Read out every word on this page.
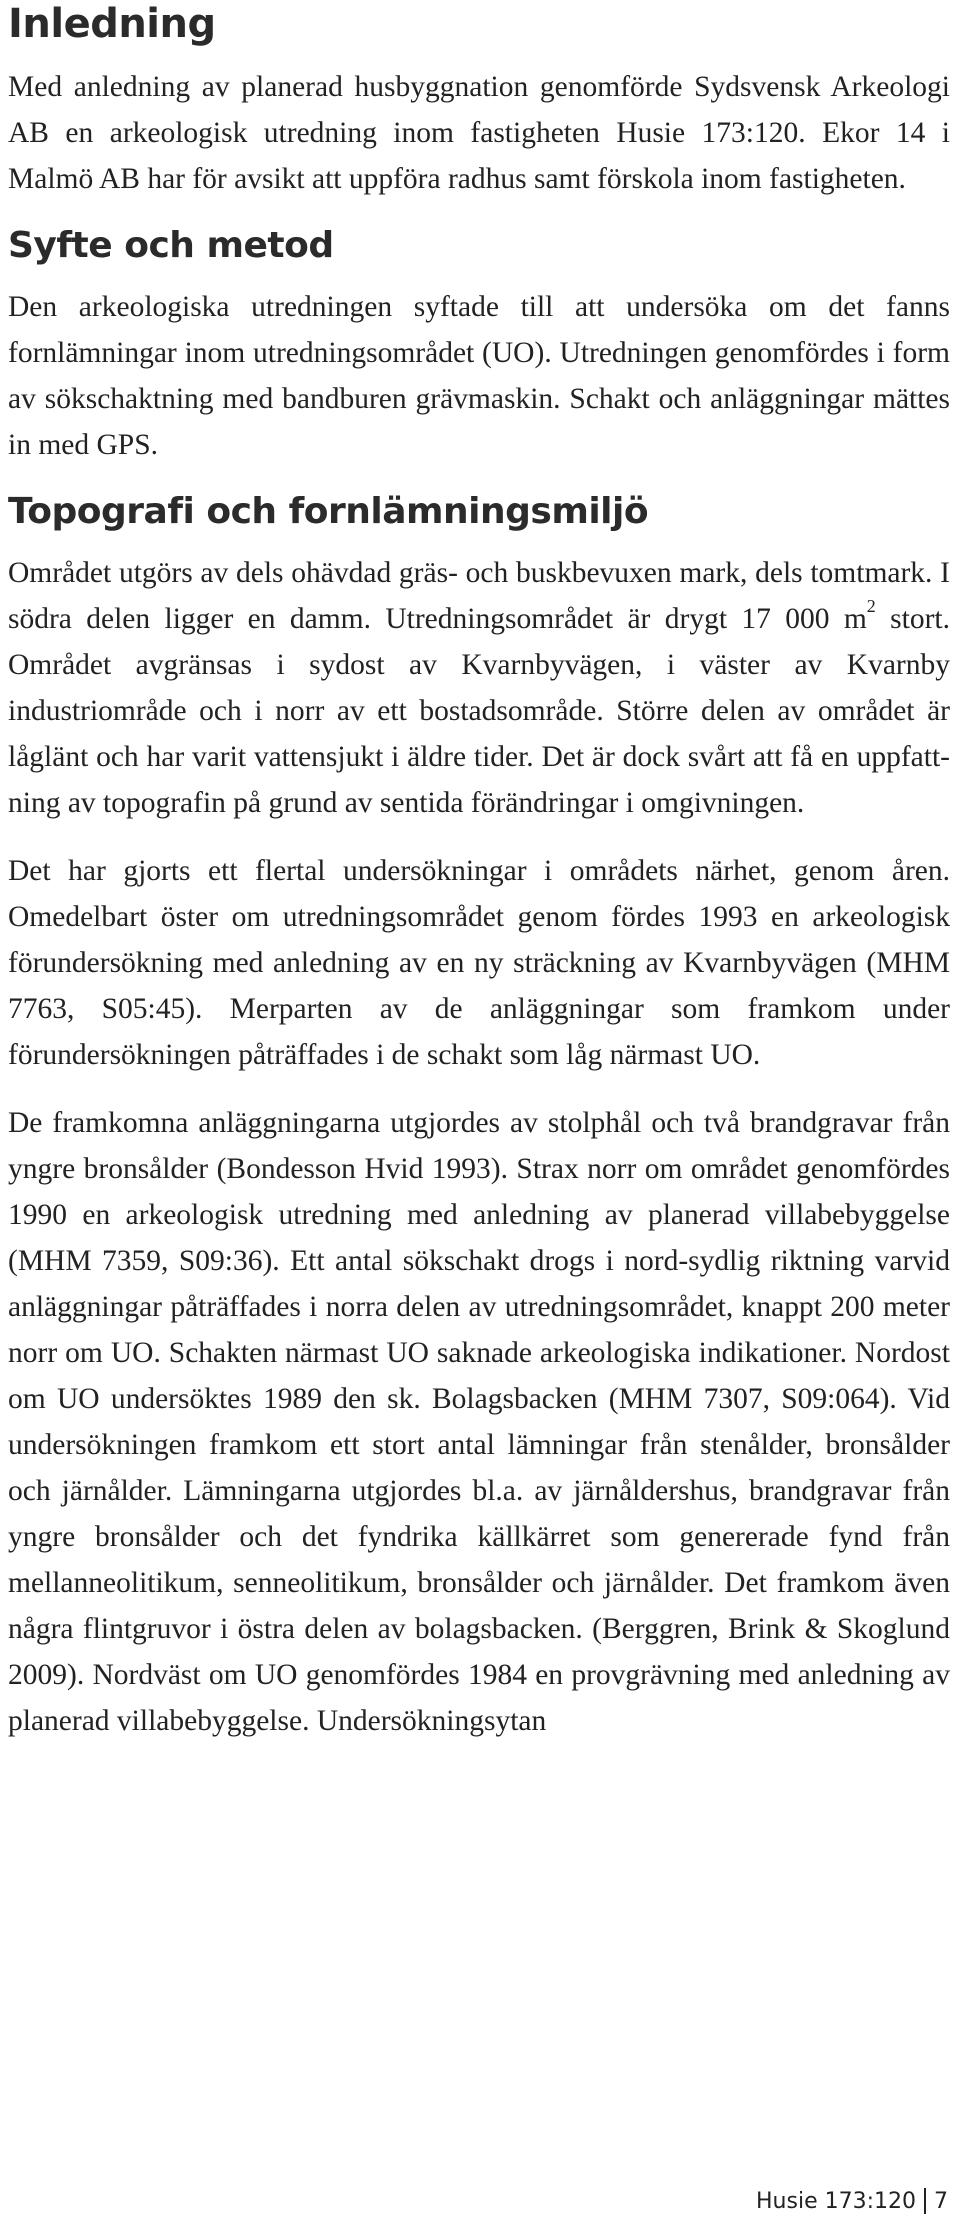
Inledning

Med anledning av planerad husbyggnation genomförde Sydsvensk Arkeologi AB en arkeologisk utredning inom fastigheten Husie 173:120. Ekor 14 i Malmö AB har för avsikt att uppföra radhus samt förskola inom fastigheten.

Syfte och metod

Den arkeologiska utredningen syftade till att undersöka om det fanns fornlämningar inom utredningsområdet (UO). Utredningen genomfördes i form av sökschaktning med bandburen grävmaskin. Schakt och anläggningar mättes in med GPS.

Topografi och fornlämningsmiljö

Området utgörs av dels ohävdad gräs- och buskbevuxen mark, dels tomtmark. I södra delen ligger en damm. Utredningsområdet är drygt 17 000 $m^2$ stort. Området avgränsas i sydost av Kvarnbyvägen, i väster av Kvarnby industriområde och i norr av ett bostadsområde. Större delen av området är låglänt och har varit vattensjukt i äldre tider. Det är dock svårt att få en uppfattning av topografin på grund av sentida förändringar i omgivningen.

Det har gjorts ett flertal undersökningar i områdets närhet, genom åren. Omedelbart öster om utredningsområdet genom fördes 1993 en arkeologisk förundersökning med anledning av en ny sträckning av Kvarnbyvägen (MHM 7763, S05:45). Merparten av de anläggningar som framkom under förundersökningen påträffades i de schakt som låg närmast UO.

De framkomna anläggningarna utgjordes av stolphål och två brandgravar från yngre bronsålder (Bondesson Hvid 1993). Strax norr om området genomfördes 1990 en arkeologisk utredning med anledning av planerad villabebyggelse (MHM 7359, S09:36). Ett antal sökschakt drogs i nord-sydlig riktning varvid anläggningar påträffades i norra delen av utredningsområdet, knappt 200 meter norr om UO. Schakten närmast UO saknade arkeologiska indikationer. Nordost om UO undersöktes 1989 den sk. Bolagsbacken (MHM 7307, S09:064). Vid undersökningen framkom ett stort antal lämningar från stenålder, bronsålder och järnålder. Lämningarna utgjordes bl.a. av järnåldershus, brandgravar från yngre bronsålder och det fyndrika källkärret som genererade fynd från mellanneolitikum, senneolitikum, bronsålder och järnålder. Det framkom även några flintgruvor i östra delen av bolagsbacken. (Berggren, Brink & Skoglund 2009). Nordväst om UO genomfördes 1984 en provgrävning med anledning av planerad villabebyggelse. Undersökningsytan

Husie 173:120 7
